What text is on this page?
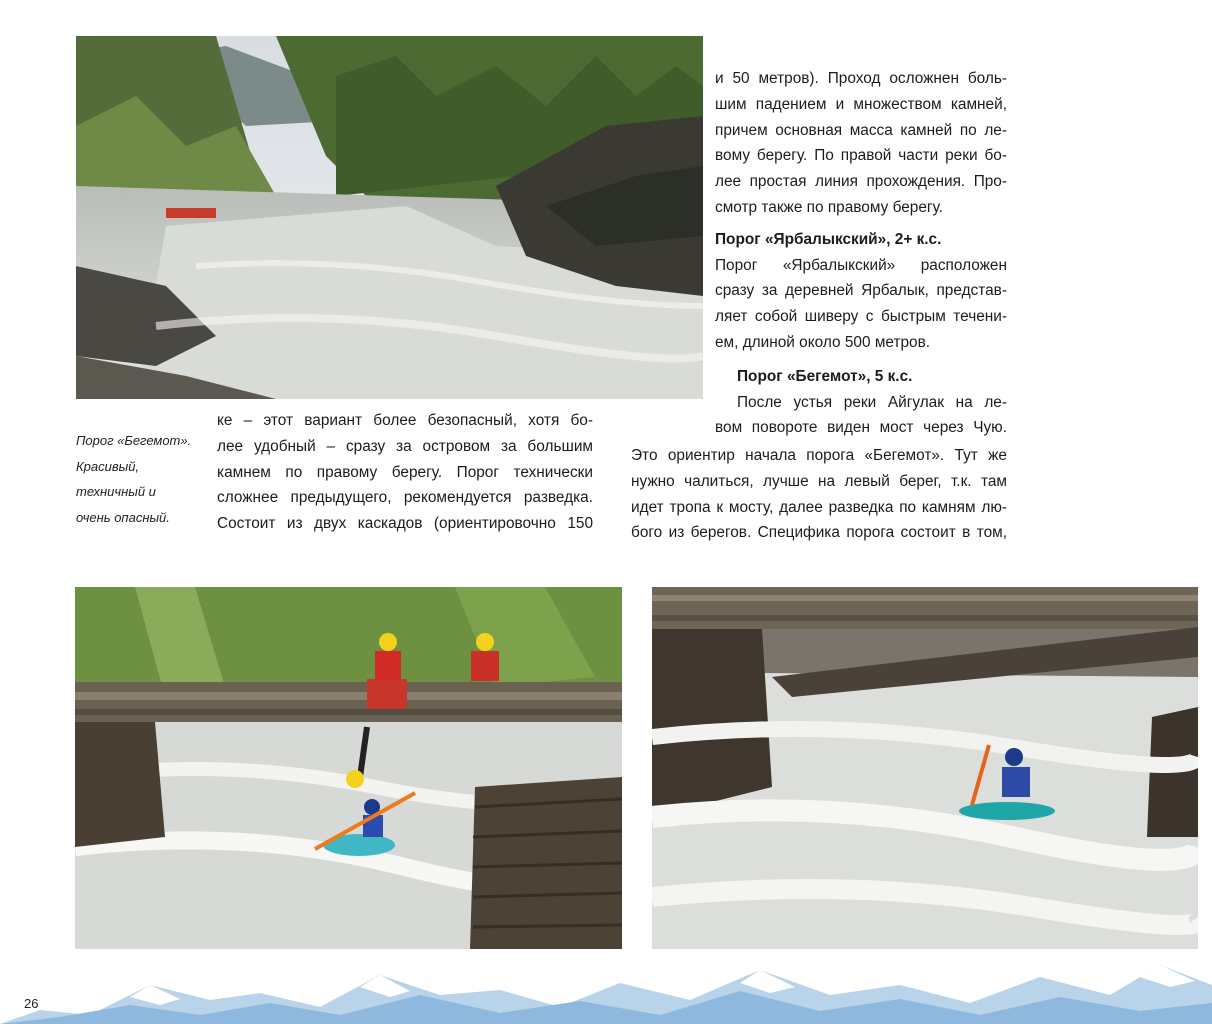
и 50 метров). Проход осложнен боль-

шим падением и множеством камней,

причем основная масса камней по ле-

вому берегу. По правой части реки бо-

лее простая линия прохождения. Про-

смотр также по правому берегу.

Порог «Ярбалыкский», 2+ к.с.

Порог «Ярбалыкский» расположен

сразу за деревней Ярбалык, представ-

ляет собой шиверу с быстрым течени-

ем, длиной около 500 метров.

Порог «Бегемот», 5 к.с.

После устья реки Айгулак на ле-

вом повороте виден мост через Чую.

Это ориентир начала порога «Бегемот». Тут же

нужно чалиться, лучше на левый берег, т.к. там

идет тропа к мосту, далее разведка по камням лю-

бого из берегов. Специфика порога состоит в том,

Порог «Бегемот».
Красивый,
техничный и
очень опасный.

ке – этот вариант более безопасный, хотя бо-

лее удобный – сразу за островом за большим

камнем по правому берегу. Порог технически

сложнее предыдущего, рекомендуется разведка.

Состоит из двух каскадов (ориентировочно 150

26
